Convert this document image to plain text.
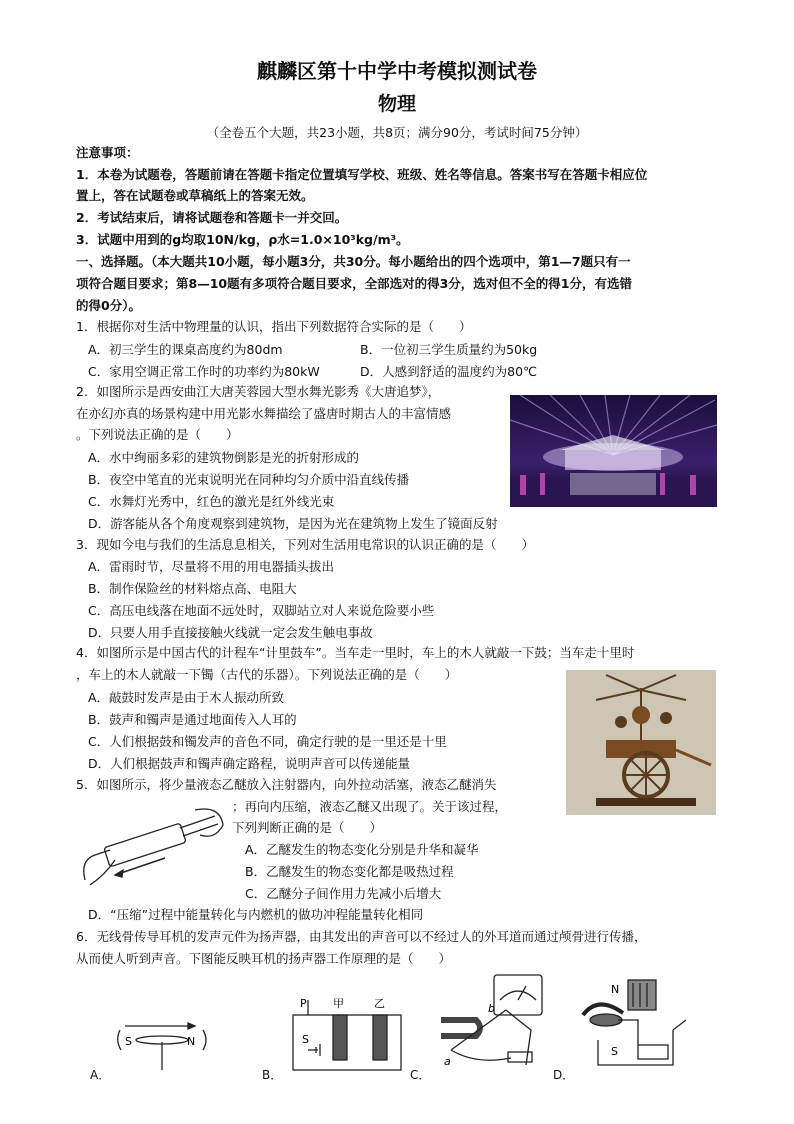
麒麟区第十中学中考模拟测试卷
物理
（全卷五个大题，共23小题，共8页；满分90分，考试时间75分钟）
注意事项：
1．本卷为试题卷，答题前请在答题卡指定位置填写学校、班级、姓名等信息。答案书写在答题卡相应位
置上，答在试题卷或草稿纸上的答案无效。
2．考试结束后，请将试题卷和答题卡一并交回。
3．试题中用到的g均取10N/kg，ρ水=1.0×10³kg/m³。
一、选择题。（本大题共10小题，每小题3分，共30分。每小题给出的四个选项中，第1—7题只有一
项符合题目要求；第8—10题有多项符合题目要求，全部选对的得3分，选对但不全的得1分，有选错
的得0分）。
1．根据你对生活中物理量的认识，指出下列数据符合实际的是（　　）
A．初三学生的课桌高度约为80dm	B．一位初三学生质量约为50kg
C．家用空调正常工作时的功率约为80kW	D．人感到舒适的温度约为80℃
2．如图所示是西安曲江大唐芙蓉园大型水舞光影秀《大唐追梦》，
在亦幻亦真的场景构建中用光影水舞描绘了盛唐时期古人的丰富情感
。下列说法正确的是（　　）
A．水中绚丽多彩的建筑物倒影是光的折射形成的
B．夜空中笔直的光束说明光在同种均匀介质中沿直线传播
C．水舞灯光秀中，红色的激光是红外线光束
D．游客能从各个角度观察到建筑物，是因为光在建筑物上发生了镜面反射
3．现如今电与我们的生活息息相关，下列对生活用电常识的认识正确的是（　　）
A．雷雨时节，尽量将不用的用电器插头拔出
B．制作保险丝的材料熔点高、电阻大
C．高压电线落在地面不远处时，双脚站立对人来说危险要小些
D．只要人用手直接接触火线就一定会发生触电事故
4．如图所示是中国古代的计程车“计里鼓车”。当车走一里时，车上的木人就敲一下鼓；当车走十里时
，车上的木人就敲一下镯（古代的乐器）。下列说法正确的是（　　）
A．敲鼓时发声是由于木人振动所致
B．鼓声和镯声是通过地面传入人耳的
C．人们根据鼓和镯发声的音色不同，确定行驶的是一里还是十里
D．人们根据鼓声和镯声确定路程，说明声音可以传递能量
5．如图所示，将少量液态乙醚放入注射器内，向外拉动活塞，液态乙醚消失
；再向内压缩，液态乙醚又出现了。关于该过程，
下列判断正确的是（　　）
A．乙醚发生的物态变化分别是升华和凝华
B．乙醚发生的物态变化都是吸热过程
C．乙醚分子间作用力先减小后增大
D．“压缩”过程中能量转化与内燃机的做功冲程能量转化相同
6．无线骨传导耳机的发声元件为扬声器，由其发出的声音可以不经过人的外耳道而通过颅骨进行传播，
从而使人听到声音。下图能反映耳机的扬声器工作原理的是（　　）
S	N
P 甲	乙
S
a
b
N
S
A．	B．	C．	D．
